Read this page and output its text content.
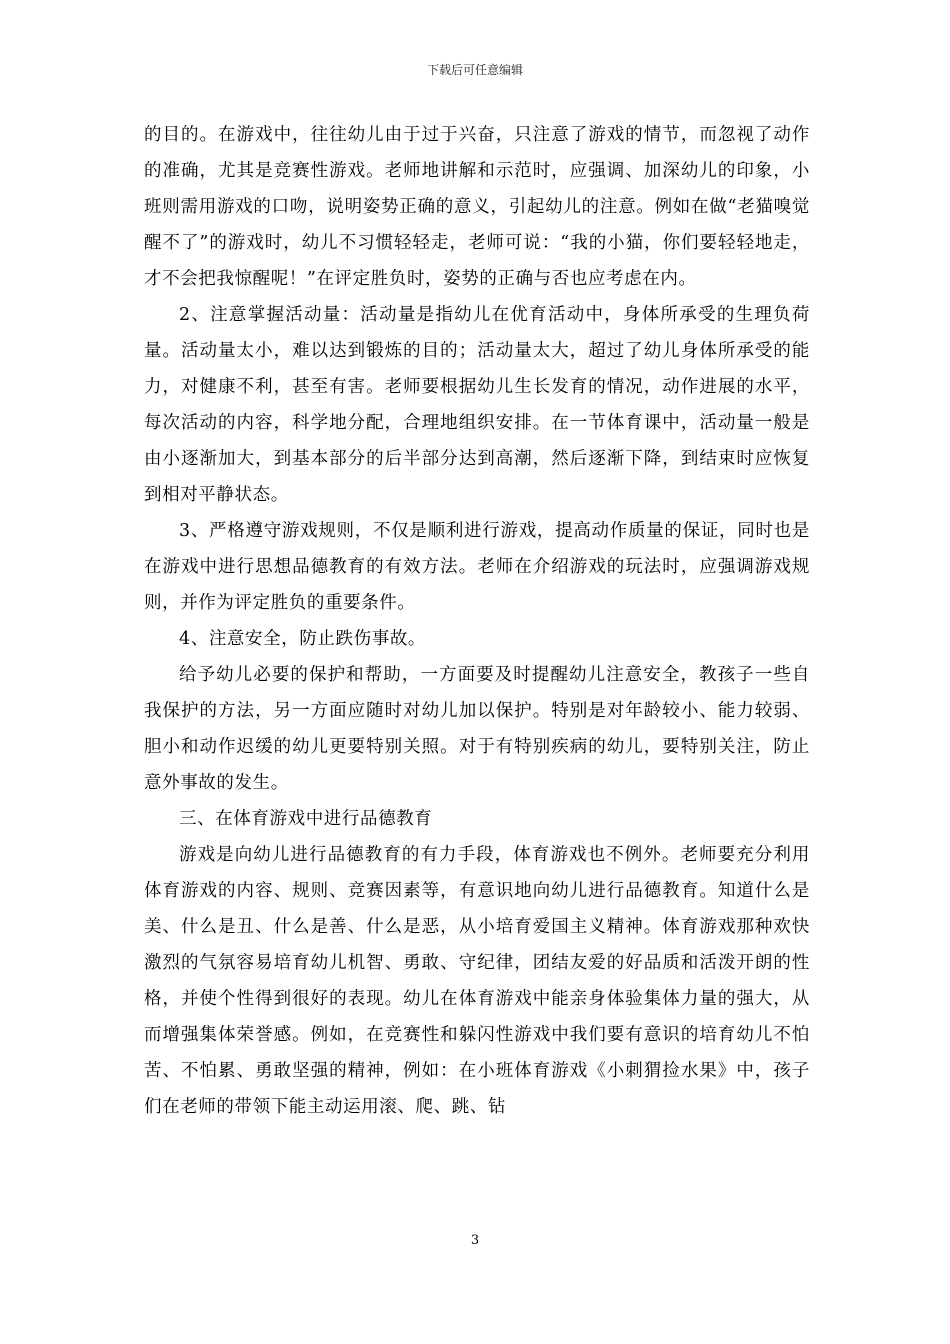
下载后可任意编辑

的目的。在游戏中，往往幼儿由于过于兴奋，只注意了游戏的情节，而忽视了动作的准确，尤其是竞赛性游戏。老师地讲解和示范时，应强调、加深幼儿的印象，小班则需用游戏的口吻，说明姿势正确的意义，引起幼儿的注意。例如在做“老猫嗅觉醒不了”的游戏时，幼儿不习惯轻轻走，老师可说：“我的小猫，你们要轻轻地走，才不会把我惊醒呢！”在评定胜负时，姿势的正确与否也应考虑在内。

2、注意掌握活动量：活动量是指幼儿在优育活动中，身体所承受的生理负荷量。活动量太小，难以达到锻炼的目的；活动量太大，超过了幼儿身体所承受的能力，对健康不利，甚至有害。老师要根据幼儿生长发育的情况，动作进展的水平，每次活动的内容，科学地分配，合理地组织安排。在一节体育课中，活动量一般是由小逐渐加大，到基本部分的后半部分达到高潮，然后逐渐下降，到结束时应恢复到相对平静状态。

3、严格遵守游戏规则，不仅是顺利进行游戏，提高动作质量的保证，同时也是在游戏中进行思想品德教育的有效方法。老师在介绍游戏的玩法时，应强调游戏规则，并作为评定胜负的重要条件。

4、注意安全，防止跌伤事故。

给予幼儿必要的保护和帮助，一方面要及时提醒幼儿注意安全，教孩子一些自我保护的方法，另一方面应随时对幼儿加以保护。特别是对年龄较小、能力较弱、胆小和动作迟缓的幼儿更要特别关照。对于有特别疾病的幼儿，要特别关注，防止意外事故的发生。

三、在体育游戏中进行品德教育

游戏是向幼儿进行品德教育的有力手段，体育游戏也不例外。老师要充分利用体育游戏的内容、规则、竞赛因素等，有意识地向幼儿进行品德教育。知道什么是美、什么是丑、什么是善、什么是恶，从小培育爱国主义精神。体育游戏那种欢快激烈的气氛容易培育幼儿机智、勇敢、守纪律，团结友爱的好品质和活泼开朗的性格，并使个性得到很好的表现。幼儿在体育游戏中能亲身体验集体力量的强大，从而增强集体荣誉感。例如，在竞赛性和躲闪性游戏中我们要有意识的培育幼儿不怕苦、不怕累、勇敢坚强的精神，例如：在小班体育游戏《小刺猬捡水果》中，孩子们在老师的带领下能主动运用滚、爬、跳、钻

3
